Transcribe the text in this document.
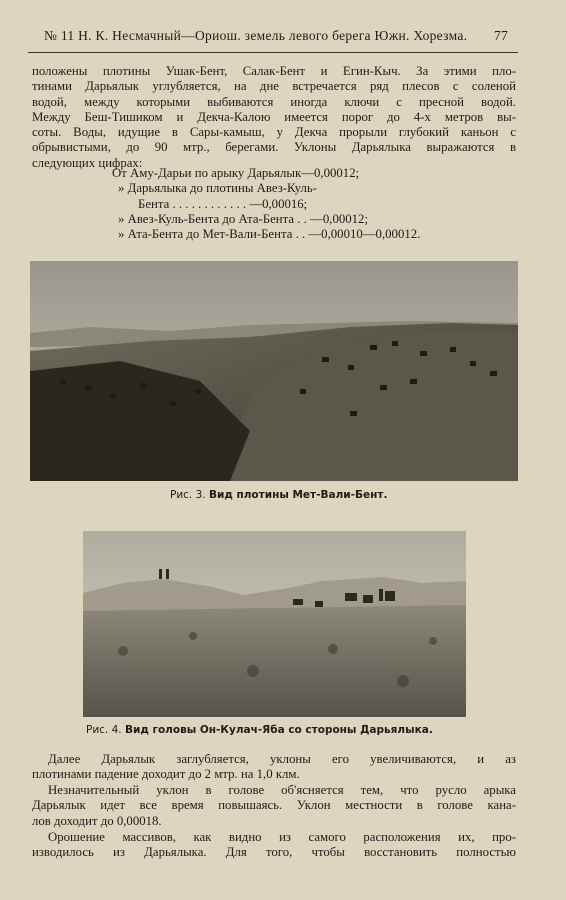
№ 11 Н. К. Несмачный—Ориош. земель левого берега Южн. Хорезма. 77
положены плотины Ушак-Бент, Салак-Бент и Егин-Кыч. За этими пло-
тинами Дарьялык углубляется, на дне встречается ряд плесов с соленой
водой, между которыми выбиваются иногда ключи с пресной водой.
Между Беш-Тишиком и Декча-Калою имеется порог до 4-х метров вы-
соты. Воды, идущие в Сары-камыш, у Декча прорыли глубокий каньон с
обрывистыми, до 90 мтр., берегами. Уклоны Дарьялыка выражаются в
следующих цифрах:
От Аму-Дарьи по арыку Дарьялык—0,00012;
» Дарьялыка до плотины Авез-Куль-
Бента . . . . . . . . . . . . —0,00016;
» Авез-Куль-Бента до Ата-Бента . . —0,00012;
» Ата-Бента до Мет-Вали-Бента . . —0,00010—0,00012.
Рис. 3. Вид плотины Мет-Вали-Бент.
Рис. 4. Вид головы Он-Кулач-Яба со стороны Дарьялыка.
Далее Дарьялык заглубляется, уклоны его увеличиваются, и аз
плотинами падение доходит до 2 мтр. на 1,0 клм.
Незначительный уклон в голове об'ясняется тем, что русло арыка
Дарьялык идет все время повышаясь. Уклон местности в голове кана-
лов доходит до 0,00018.
Орошение массивов, как видно из самого расположения их, про-
изводилось из Дарьялыка. Для того, чтобы восстановить полностью
